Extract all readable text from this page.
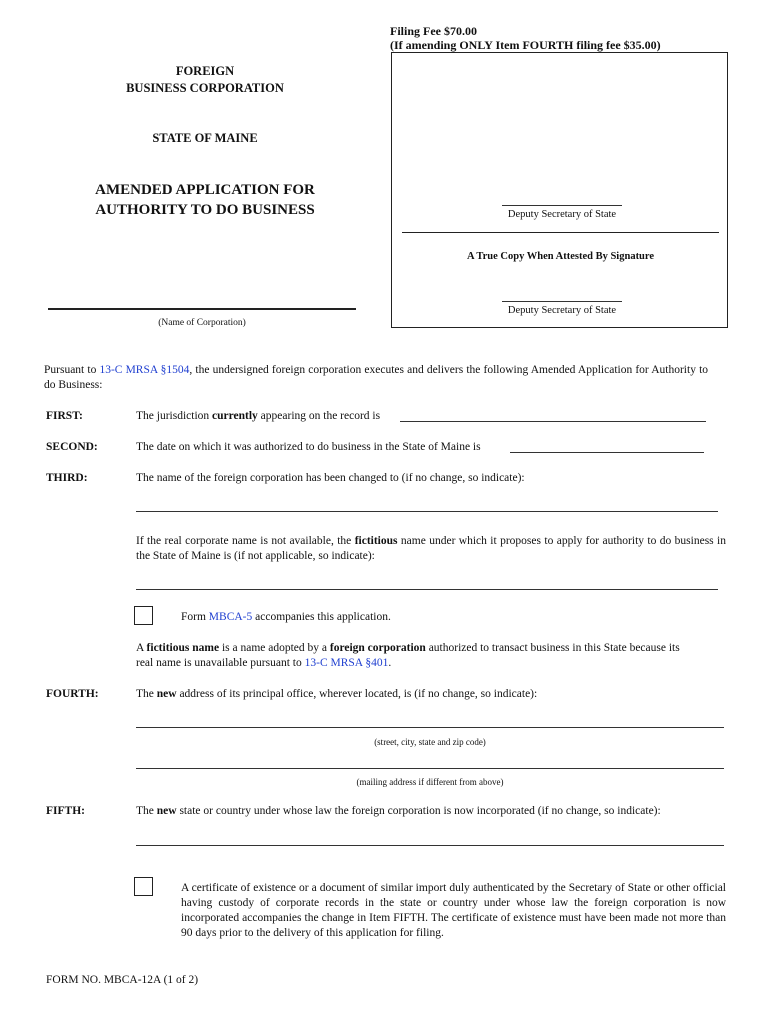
Filing Fee $70.00
(If amending ONLY Item FOURTH filing fee $35.00)
FOREIGN
BUSINESS CORPORATION
STATE OF MAINE
AMENDED APPLICATION FOR
AUTHORITY TO DO BUSINESS
(Name of Corporation)
Deputy Secretary of State
A True Copy When Attested By Signature
Deputy Secretary of State
Pursuant to 13-C MRSA §1504, the undersigned foreign corporation executes and delivers the following Amended Application for Authority to do Business:
FIRST:	The jurisdiction currently appearing on the record is
SECOND:	The date on which it was authorized to do business in the State of Maine is
THIRD:	The name of the foreign corporation has been changed to (if no change, so indicate):
If the real corporate name is not available, the fictitious name under which it proposes to apply for authority to do business in the State of Maine is (if not applicable, so indicate):
Form MBCA-5 accompanies this application.
A fictitious name is a name adopted by a foreign corporation authorized to transact business in this State because its real name is unavailable pursuant to 13-C MRSA §401.
FOURTH:	The new address of its principal office, wherever located, is (if no change, so indicate):
(street, city, state and zip code)
(mailing address if different from above)
FIFTH:	The new state or country under whose law the foreign corporation is now incorporated (if no change, so indicate):
A certificate of existence or a document of similar import duly authenticated by the Secretary of State or other official having custody of corporate records in the state or country under whose law the foreign corporation is now incorporated accompanies the change in Item FIFTH. The certificate of existence must have been made not more than 90 days prior to the delivery of this application for filing.
FORM NO. MBCA-12A (1 of 2)
